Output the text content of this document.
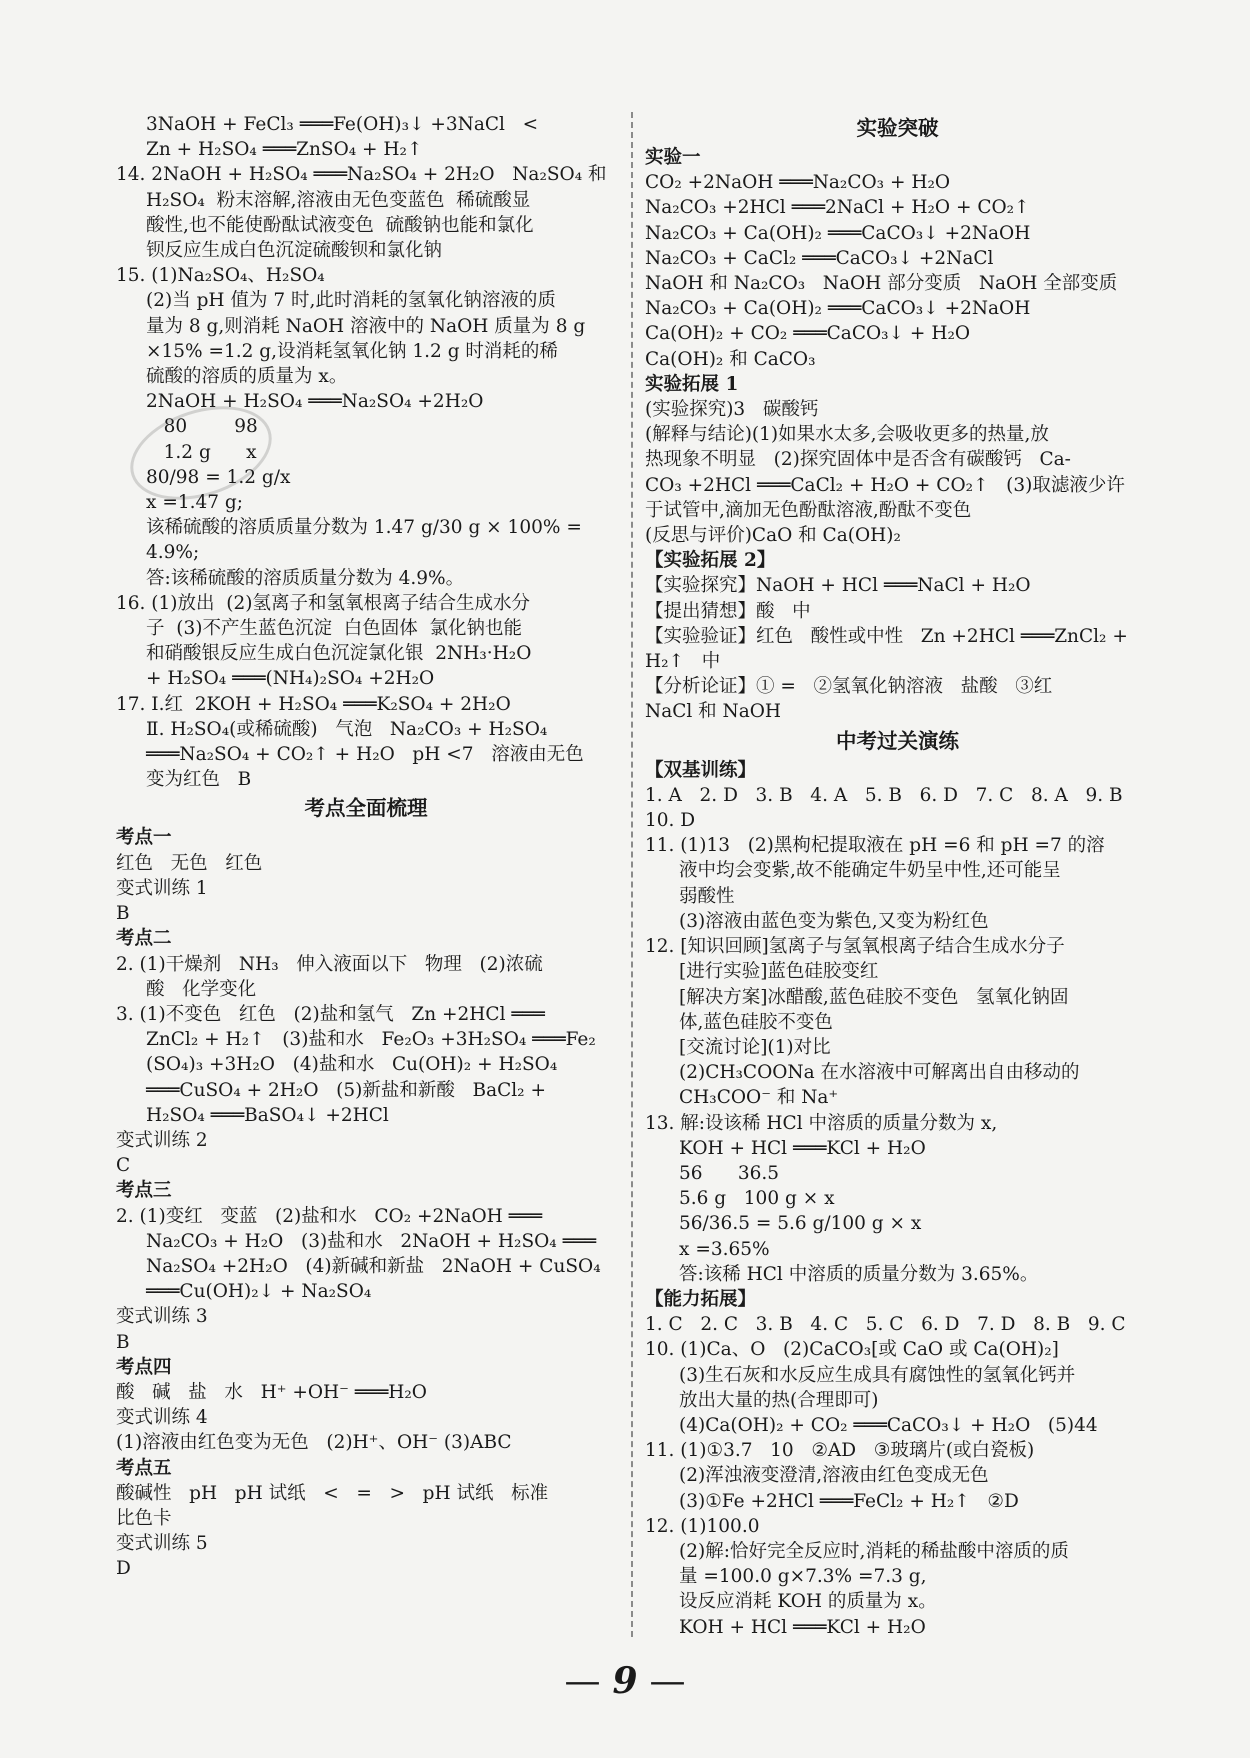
3NaOH + FeCl₃ ═══Fe(OH)₃↓ +3NaCl   <
Zn + H₂SO₄ ═══ZnSO₄ + H₂↑
14. 2NaOH + H₂SO₄ ═══Na₂SO₄ + 2H₂O   Na₂SO₄ 和
H₂SO₄  粉末溶解,溶液由无色变蓝色  稀硫酸显
酸性,也不能使酚酞试液变色  硫酸钠也能和氯化
钡反应生成白色沉淀硫酸钡和氯化钠
15. (1)Na₂SO₄、H₂SO₄
(2)当 pH 值为 7 时,此时消耗的氢氧化钠溶液的质
量为 8 g,则消耗 NaOH 溶液中的 NaOH 质量为 8 g
×15% =1.2 g,设消耗氢氧化钠 1.2 g 时消耗的稀
硫酸的溶质的质量为 x。
2NaOH + H₂SO₄ ═══Na₂SO₄ +2H₂O
80        98
1.2 g      x
80/98 = 1.2 g/x
x =1.47 g;
该稀硫酸的溶质质量分数为 1.47 g/30 g × 100% =
4.9%;
答:该稀硫酸的溶质质量分数为 4.9%。
16. (1)放出  (2)氢离子和氢氧根离子结合生成水分
子  (3)不产生蓝色沉淀  白色固体  氯化钠也能
和硝酸银反应生成白色沉淀氯化银  2NH₃·H₂O
+ H₂SO₄ ═══(NH₄)₂SO₄ +2H₂O
17. Ⅰ.红  2KOH + H₂SO₄ ═══K₂SO₄ + 2H₂O
Ⅱ. H₂SO₄(或稀硫酸)   气泡   Na₂CO₃ + H₂SO₄
═══Na₂SO₄ + CO₂↑ + H₂O   pH <7   溶液由无色
变为红色   B
考点全面梳理
考点一
红色   无色   红色
变式训练 1
B
考点二
2. (1)干燥剂   NH₃   伸入液面以下   物理   (2)浓硫
酸   化学变化
3. (1)不变色   红色   (2)盐和氢气   Zn +2HCl ═══
ZnCl₂ + H₂↑   (3)盐和水   Fe₂O₃ +3H₂SO₄ ═══Fe₂
(SO₄)₃ +3H₂O   (4)盐和水   Cu(OH)₂ + H₂SO₄
═══CuSO₄ + 2H₂O   (5)新盐和新酸   BaCl₂ +
H₂SO₄ ═══BaSO₄↓ +2HCl
变式训练 2
C
考点三
2. (1)变红   变蓝   (2)盐和水   CO₂ +2NaOH ═══
Na₂CO₃ + H₂O   (3)盐和水   2NaOH + H₂SO₄ ═══
Na₂SO₄ +2H₂O   (4)新碱和新盐   2NaOH + CuSO₄
═══Cu(OH)₂↓ + Na₂SO₄
变式训练 3
B
考点四
酸   碱   盐   水   H⁺ +OH⁻ ═══H₂O
变式训练 4
(1)溶液由红色变为无色   (2)H⁺、OH⁻ (3)ABC
考点五
酸碱性   pH   pH 试纸   <   =   >   pH 试纸   标准
比色卡
变式训练 5
D
实验突破
实验一
CO₂ +2NaOH ═══Na₂CO₃ + H₂O
Na₂CO₃ +2HCl ═══2NaCl + H₂O + CO₂↑
Na₂CO₃ + Ca(OH)₂ ═══CaCO₃↓ +2NaOH
Na₂CO₃ + CaCl₂ ═══CaCO₃↓ +2NaCl
NaOH 和 Na₂CO₃   NaOH 部分变质   NaOH 全部变质
Na₂CO₃ + Ca(OH)₂ ═══CaCO₃↓ +2NaOH
Ca(OH)₂ + CO₂ ═══CaCO₃↓ + H₂O
Ca(OH)₂ 和 CaCO₃
实验拓展 1
(实验探究)3   碳酸钙
(解释与结论)(1)如果水太多,会吸收更多的热量,放
热现象不明显   (2)探究固体中是否含有碳酸钙   Ca-
CO₃ +2HCl ═══CaCl₂ + H₂O + CO₂↑   (3)取滤液少许
于试管中,滴加无色酚酞溶液,酚酞不变色
(反思与评价)CaO 和 Ca(OH)₂
【实验拓展 2】
【实验探究】NaOH + HCl ═══NaCl + H₂O
【提出猜想】酸   中
【实验验证】红色   酸性或中性   Zn +2HCl ═══ZnCl₂ +
H₂↑   中
【分析论证】① =   ②氢氧化钠溶液   盐酸   ③红
NaCl 和 NaOH
中考过关演练
【双基训练】
1. A   2. D   3. B   4. A   5. B   6. D   7. C   8. A   9. B
10. D
11. (1)13   (2)黑枸杞提取液在 pH =6 和 pH =7 的溶
液中均会变紫,故不能确定牛奶呈中性,还可能呈
弱酸性
(3)溶液由蓝色变为紫色,又变为粉红色
12. [知识回顾]氢离子与氢氧根离子结合生成水分子
[进行实验]蓝色硅胶变红
[解决方案]冰醋酸,蓝色硅胶不变色   氢氧化钠固
体,蓝色硅胶不变色
[交流讨论](1)对比
(2)CH₃COONa 在水溶液中可解离出自由移动的
CH₃COO⁻ 和 Na⁺
13. 解:设该稀 HCl 中溶质的质量分数为 x,
KOH + HCl ═══KCl + H₂O
56      36.5
5.6 g   100 g × x
56/36.5 = 5.6 g/100 g × x
x =3.65%
答:该稀 HCl 中溶质的质量分数为 3.65%。
【能力拓展】
1. C   2. C   3. B   4. C   5. C   6. D   7. D   8. B   9. C
10. (1)Ca、O   (2)CaCO₃[或 CaO 或 Ca(OH)₂]
(3)生石灰和水反应生成具有腐蚀性的氢氧化钙并
放出大量的热(合理即可)
(4)Ca(OH)₂ + CO₂ ═══CaCO₃↓ + H₂O   (5)44
11. (1)①3.7   10   ②AD   ③玻璃片(或白瓷板)
(2)浑浊液变澄清,溶液由红色变成无色
(3)①Fe +2HCl ═══FeCl₂ + H₂↑   ②D
12. (1)100.0
(2)解:恰好完全反应时,消耗的稀盐酸中溶质的质
量 =100.0 g×7.3% =7.3 g,
设反应消耗 KOH 的质量为 x。
KOH + HCl ═══KCl + H₂O
— 9 —
